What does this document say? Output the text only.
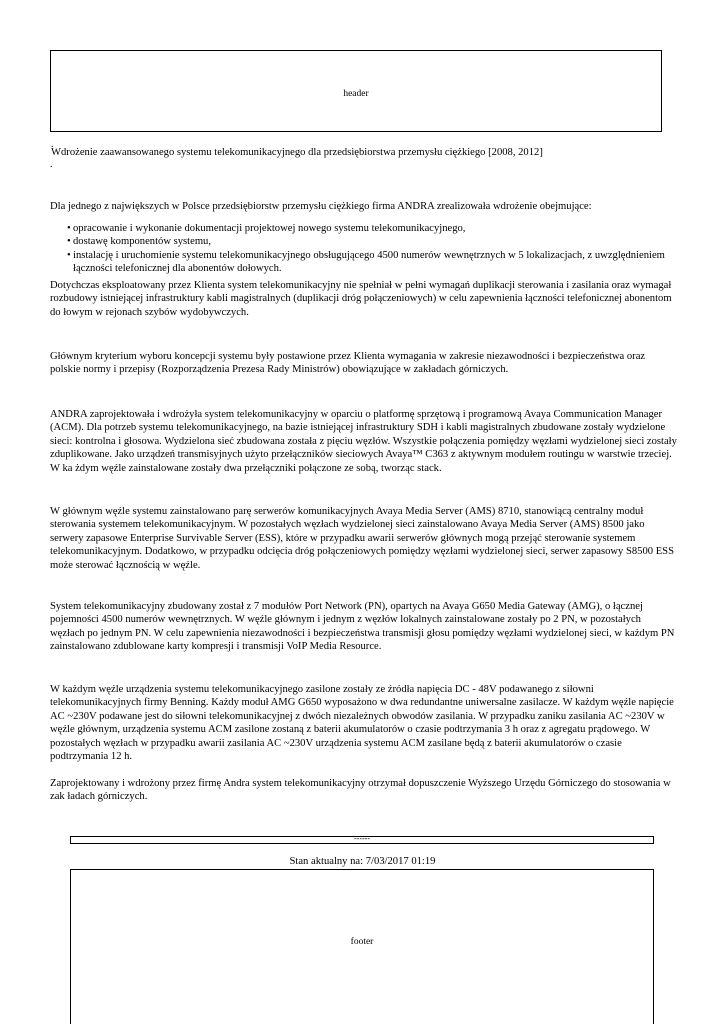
header
.
Wdrożenie zaawansowanego systemu telekomunikacyjnego dla przedsiębiorstwa przemysłu ciężkiego [2008, 2012]
.

Dla jednego z największych w Polsce przedsiębiorstw przemysłu ciężkiego firma ANDRA zrealizowała wdrożenie obejmujące:

• opracowanie i wykonanie dokumentacji projektowej nowego systemu telekomunikacyjnego,
• dostawę komponentów systemu,
• instalację i uruchomienie systemu telekomunikacyjnego obsługującego 4500 numerów wewnętrznych w 5 lokalizacjach, z uwzględnieniem łączności telefonicznej dla abonentów dołowych.

Dotychczas eksploatowany przez Klienta system telekomunikacyjny nie spełniał w pełni wymagań duplikacji sterowania i zasilania oraz wymagał rozbudowy istniejącej infrastruktury kabli magistralnych (duplikacji dróg połączeniowych) w celu zapewnienia łączności telefonicznej abonentom do łowym w rejonach szybów wydobywczych.

Głównym kryterium wyboru koncepcji systemu były postawione przez Klienta wymagania w zakresie niezawodności i bezpieczeństwa oraz polskie normy i przepisy (Rozporządzenia Prezesa Rady Ministrów) obowiązujące w zakładach górniczych.

ANDRA zaprojektowała i wdrożyła system telekomunikacyjny w oparciu o platformę sprzętową i programową Avaya Communication Manager (ACM). Dla potrzeb systemu telekomunikacyjnego, na bazie istniejącej infrastruktury SDH i kabli magistralnych zbudowane zostały wydzielone sieci: kontrolna i głosowa. Wydzielona sieć zbudowana została z pięciu węzłów. Wszystkie połączenia pomiędzy węzłami wydzielonej sieci zostały zduplikowane. Jako urządzeń transmisyjnych użyto przełączników sieciowych Avaya™ C363 z aktywnym modułem routingu w warstwie trzeciej. W ka żdym węźle zainstalowane zostały dwa przełączniki połączone ze sobą, tworząc stack.

W głównym węźle systemu zainstalowano parę serwerów komunikacyjnych Avaya Media Server (AMS) 8710, stanowiącą centralny moduł sterowania systemem telekomunikacyjnym. W pozostałych węzłach wydzielonej sieci zainstalowano Avaya Media Server (AMS) 8500 jako serwery zapasowe Enterprise Survivable Server (ESS), które w przypadku awarii serwerów głównych mogą przejąć sterowanie systemem telekomunikacyjnym. Dodatkowo, w przypadku odcięcia dróg połączeniowych pomiędzy węzłami wydzielonej sieci, serwer zapasowy S8500 ESS może sterować łącznością w węźle.

System telekomunikacyjny zbudowany został z 7 modułów Port Network (PN), opartych na Avaya G650 Media Gateway (AMG), o łącznej pojemności 4500 numerów wewnętrznych. W węźle głównym i jednym z węzłów lokalnych zainstalowane zostały po 2 PN, w pozostałych węzłach po jednym PN. W celu zapewnienia niezawodności i bezpieczeństwa transmisji głosu pomiędzy węzłami wydzielonej sieci, w każdym PN zainstalowano zdublowane karty kompresji i transmisji VoIP Media Resource.

W każdym węźle urządzenia systemu telekomunikacyjnego zasilone zostały ze źródła napięcia DC - 48V podawanego z siłowni telekomunikacyjnych firmy Benning. Każdy moduł AMG G650 wyposażono w dwa redundantne uniwersalne zasilacze. W każdym węźle napięcie AC ~230V podawane jest do siłowni telekomunikacyjnej z dwóch niezależnych obwodów zasilania. W przypadku zaniku zasilania AC ~230V w węźle głównym, urządzenia systemu ACM zasilone zostaną z baterii akumulatorów o czasie podtrzymania 3 h oraz z agregatu prądowego. W pozostałych węzłach w przypadku awarii zasilania AC ~230V urządzenia systemu ACM zasilane będą z baterii akumulatorów o czasie podtrzymania 12 h.

Zaprojektowany i wdrożony przez firmę Andra system telekomunikacyjny otrzymał dopuszczenie Wyższego Urzędu Górniczego do stosowania w zak ładach górniczych.

------
Stan aktualny na: 7/03/2017 01:19
footer
